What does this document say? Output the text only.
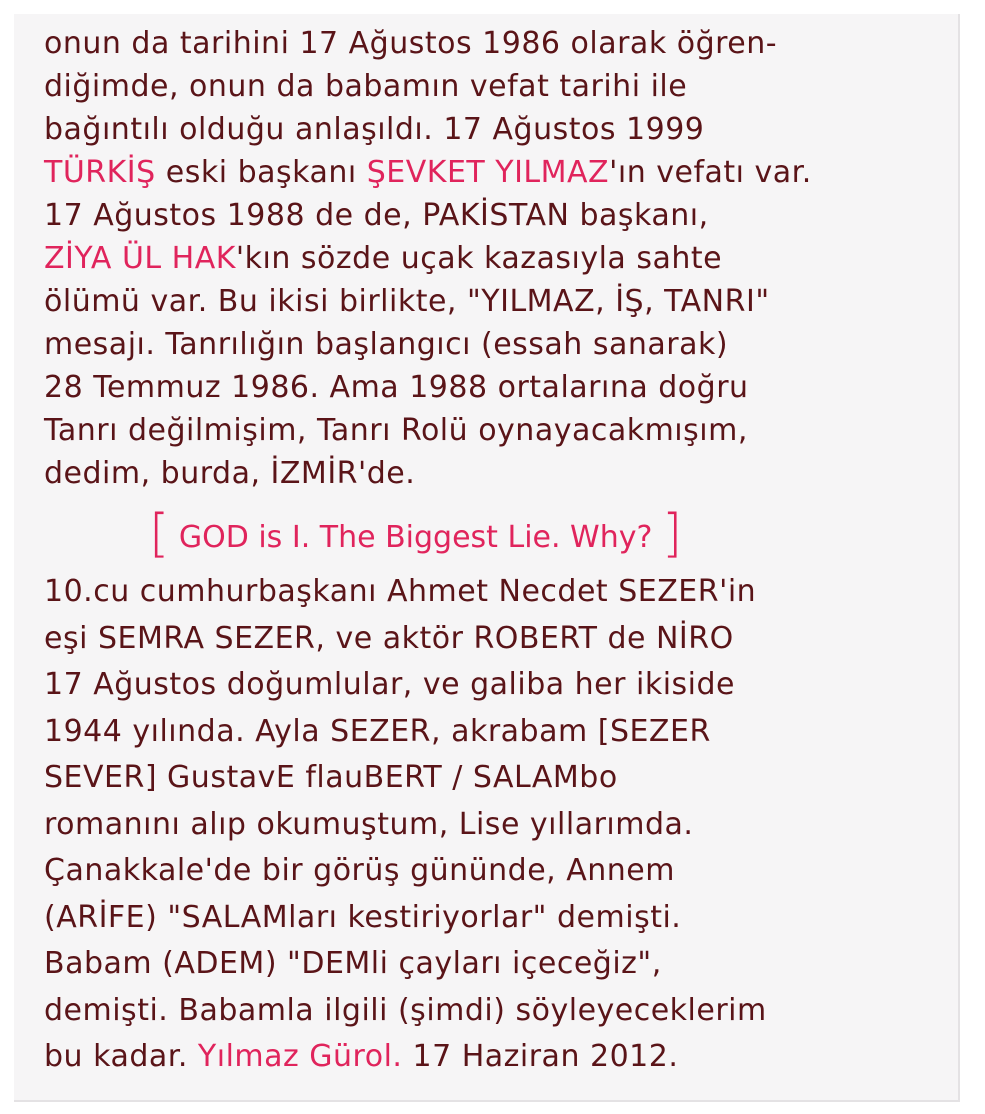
onun da tarihini 17 Ağustos 1986 olarak öğren-
diğimde, onun da babamın vefat tarihi ile
bağıntılı olduğu anlaşıldı. 17 Ağustos 1999
TÜRKİŞ eski başkanı ŞEVKET YILMAZ'ın vefatı var.
17 Ağustos 1988 de de, PAKİSTAN başkanı,
ZİYA ÜL HAK'kın sözde uçak kazasıyla sahte
ölümü var. Bu ikisi birlikte, "YILMAZ, İŞ, TANRI"
mesajı. Tanrılığın başlangıcı (essah sanarak)
28 Temmuz 1986. Ama 1988 ortalarına doğru
Tanrı değilmişim, Tanrı Rolü oynayacakmışım,
dedim, burda, İZMİR'de.
[ GOD is I. The Biggest Lie. Why? ]
10.cu cumhurbaşkanı Ahmet Necdet SEZER'in
eşi SEMRA SEZER, ve aktör ROBERT de NİRO
17 Ağustos doğumlular, ve galiba her ikiside
1944 yılında. Ayla SEZER, akrabam [SEZER
SEVER] GustavE flauBERT / SALAMbo
romanını alıp okumuştum, Lise yıllarımda.
Çanakkale'de bir görüş gününde, Annem
(ARİFE) "SALAMları kestiriyorlar" demişti.
Babam (ADEM) "DEMli çayları içeceğiz",
demişti. Babamla ilgili (şimdi) söyleyeceklerim
bu kadar. Yılmaz Gürol. 17 Haziran 2012.
